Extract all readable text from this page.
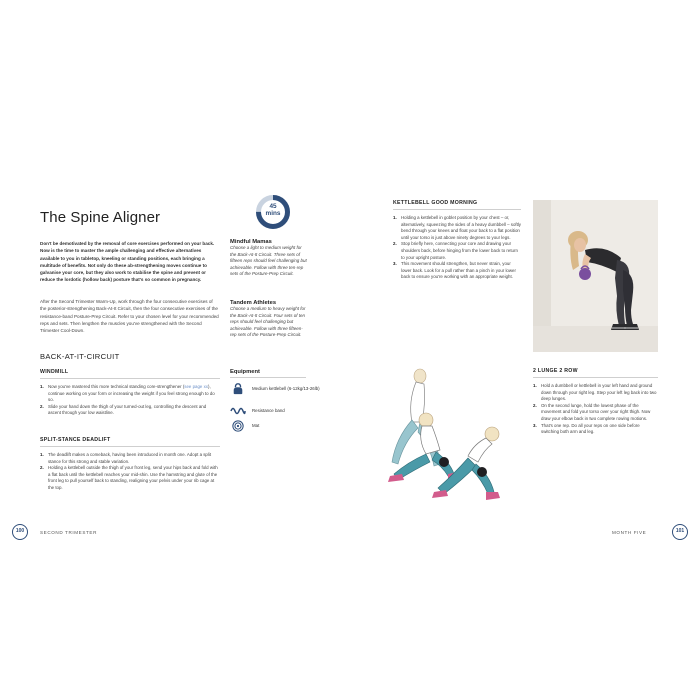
The Spine Aligner
Don't be demotivated by the removal of core exercises performed on your back. Now is the time to master the ample challenging and effective alternatives available to you in tabletop, kneeling or standing positions, each bringing a multitude of benefits. Not only do these ab-strengthening moves continue to galvanise your core, but they also work to stabilise the spine and prevent or reduce the lordotic (hollow back) posture that's so common in pregnancy.
After the Second Trimester Warm-Up, work through the four consecutive exercises of the posterior-strengthening Back-At-It Circuit, then the four consecutive exercises of the resistance-band Posture-Prep Circuit. Refer to your chosen level for your recommended reps and sets. Then lengthen the muscles you've strengthened with the Second Trimester Cool-Down.
BACK-AT-IT-CIRCUIT
WINDMILL
1. Now you've mastered this more technical standing core-strengthener (see page xx), continue working on your form or increasing the weight if you feel strong enough to do so.
2. Slide your hand down the thigh of your turned-out leg, controlling the descent and ascent through your low waistline.
SPLIT-STANCE DEADLIFT
1. The deadlift makes a comeback, having been introduced in month one. Adopt a split stance for this strong and stable variation.
2. Holding a kettlebell outside the thigh of your front leg, send your hips back and fold with a flat back until the kettlebell reaches your mid-shin. Use the hamstring and glute of the front leg to pull yourself back to standing, realigning your pelvis under your rib cage at the top.
45
mins
Mindful Mamas
Choose a light to medium weight for the Back-At-It Circuit. Three sets of fifteen reps should feel challenging but achievable. Follow with three ten-rep sets of the Posture-Prep Circuit.
Tandem Athletes
Choose a medium to heavy weight for the Back-At-It Circuit. Four sets of ten reps should feel challenging but achievable. Follow with three fifteen-rep sets of the Posture-Prep Circuit.
Equipment
Medium kettlebell (6-12kg/13-26lb)
Resistance band
Mat
KETTLEBELL GOOD MORNING
1. Holding a kettlebell in goblet position by your chest – or, alternatively, squeezing the sides of a heavy dumbbell – softly bend through your knees and float your back to a flat position until your torso is just above ninety degrees to your legs.
2. Stop briefly here, connecting your core and drawing your shoulders back, before hinging from the lower back to return to your upright posture.
3. This movement should strengthen, but never strain, your lower back. Look for a pull rather than a pinch in your lower back to ensure you're working with an appropriate weight.
2 LUNGE 2 ROW
1. Hold a dumbbell or kettlebell in your left hand and ground down through your right leg. Step your left leg back into two deep lunges.
2. On the second lunge, hold the lowest phase of the movement and fold your torso over your right thigh. Now draw your elbow back in two complete rowing motions.
3. That's one rep. Do all your reps on one side before switching both arm and leg.
100	SECOND TRIMESTER	MONTH FIVE	101
